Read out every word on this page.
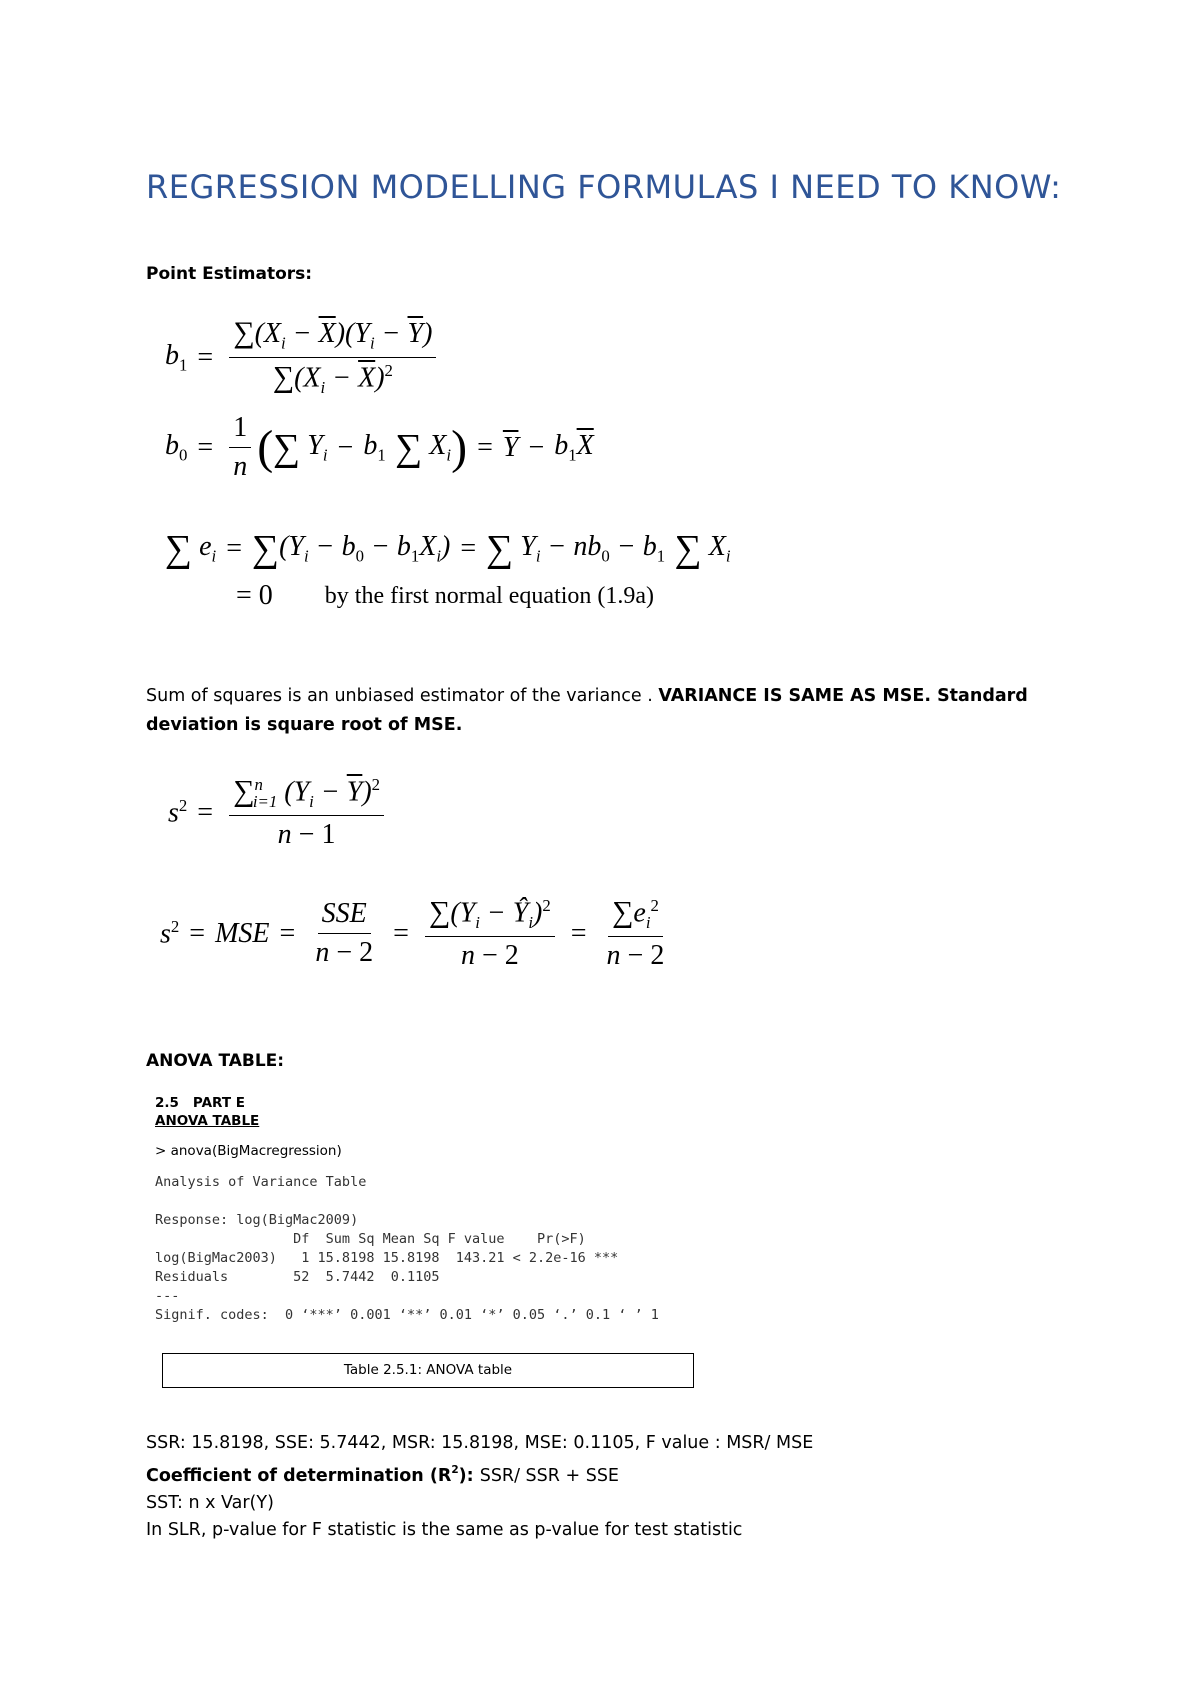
REGRESSION MODELLING FORMULAS I NEED TO KNOW:
Point Estimators:
$b_1 = \frac{\sum(X_i - \overline{X})(Y_i - \overline{Y})}{\sum(X_i - \overline{X})^2}$
$b_0 = \frac{1}{n}$ ( ∑ $Y_i - b_1$ ∑ $X_i$ ) = $\overline{Y} - b_1\overline{X}$
∑ $e_i$ = ∑ $(Y_i - b_0 - b_1X_i)$ = ∑ $Y_i - nb_0 - b_1$ ∑ $X_i$
= 0 by the first normal equation (1.9a)

Sum of squares is an unbiased estimator of the variance . VARIANCE IS SAME AS MSE. Standard deviation is square root of MSE.

$s^2 = \frac{\sum^n_{i=1} (Y_i - \overline{Y})^2}{n - 1}$
$s^2$ = MSE = $\frac{\text{SSE}}{n - 2} = \frac{\sum(Y_i - Ŷ_i)^2}{n - 2} = \frac{\sum e_i^2}{n - 2}$
ANOVA TABLE:
2.5 PART E
ANOVA TABLE
> anova(BigMacregression)
Analysis of Variance Table

Response: log(BigMac2009)
Df  Sum Sq Mean Sq F value    Pr(>F)
log(BigMac2003)   1 15.8198 15.8198  143.21 < 2.2e-16 ***
Residuals        52  5.7442  0.1105
---
Signif. codes:  0 ‘***’ 0.001 ‘**’ 0.01 ‘*’ 0.05 ‘.’ 0.1 ‘ ’ 1
Table 2.5.1: ANOVA table
SSR: 15.8198, SSE: 5.7442, MSR: 15.8198, MSE: 0.1105, F value : MSR/ MSE
Coefficient of determination $(R^2)$: SSR/ SSR + SSE
SST: n x Var(Y)
In SLR, p-value for F statistic is the same as p-value for test statistic
